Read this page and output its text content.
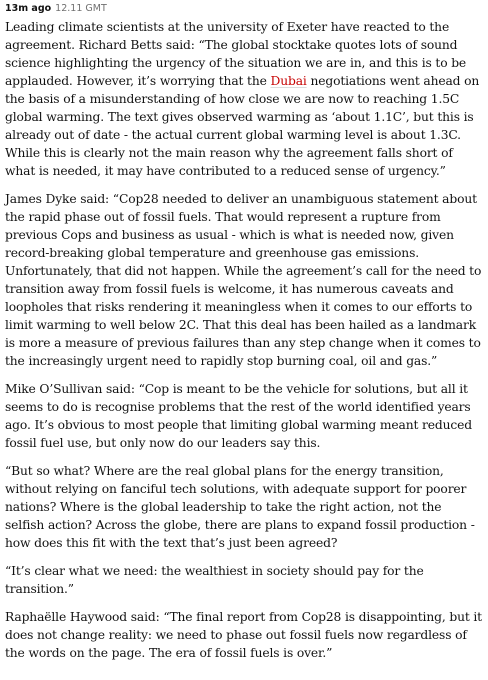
13m ago 12.11 GMT

Leading climate scientists at the university of Exeter have reacted to the agreement. Richard Betts said: “The global stocktake quotes lots of sound science highlighting the urgency of the situation we are in, and this is to be applauded. However, it’s worrying that the Dubai negotiations went ahead on the basis of a misunderstanding of how close we are now to reaching 1.5C global warming. The text gives observed warming as ‘about 1.1C’, but this is already out of date - the actual current global warming level is about 1.3C. While this is clearly not the main reason why the agreement falls short of what is needed, it may have contributed to a reduced sense of urgency.”

James Dyke said: “Cop28 needed to deliver an unambiguous statement about the rapid phase out of fossil fuels. That would represent a rupture from previous Cops and business as usual - which is what is needed now, given record-breaking global temperature and greenhouse gas emissions. Unfortunately, that did not happen. While the agreement’s call for the need to transition away from fossil fuels is welcome, it has numerous caveats and loopholes that risks rendering it meaningless when it comes to our efforts to limit warming to well below 2C. That this deal has been hailed as a landmark is more a measure of previous failures than any step change when it comes to the increasingly urgent need to rapidly stop burning coal, oil and gas.”

Mike O’Sullivan said: “Cop is meant to be the vehicle for solutions, but all it seems to do is recognise problems that the rest of the world identified years ago. It’s obvious to most people that limiting global warming meant reduced fossil fuel use, but only now do our leaders say this.

“But so what? Where are the real global plans for the energy transition, without relying on fanciful tech solutions, with adequate support for poorer nations? Where is the global leadership to take the right action, not the selfish action? Across the globe, there are plans to expand fossil production - how does this fit with the text that’s just been agreed?

“It’s clear what we need: the wealthiest in society should pay for the transition.”

Raphaëlle Haywood said: “The final report from Cop28 is disappointing, but it does not change reality: we need to phase out fossil fuels now regardless of the words on the page. The era of fossil fuels is over.”
